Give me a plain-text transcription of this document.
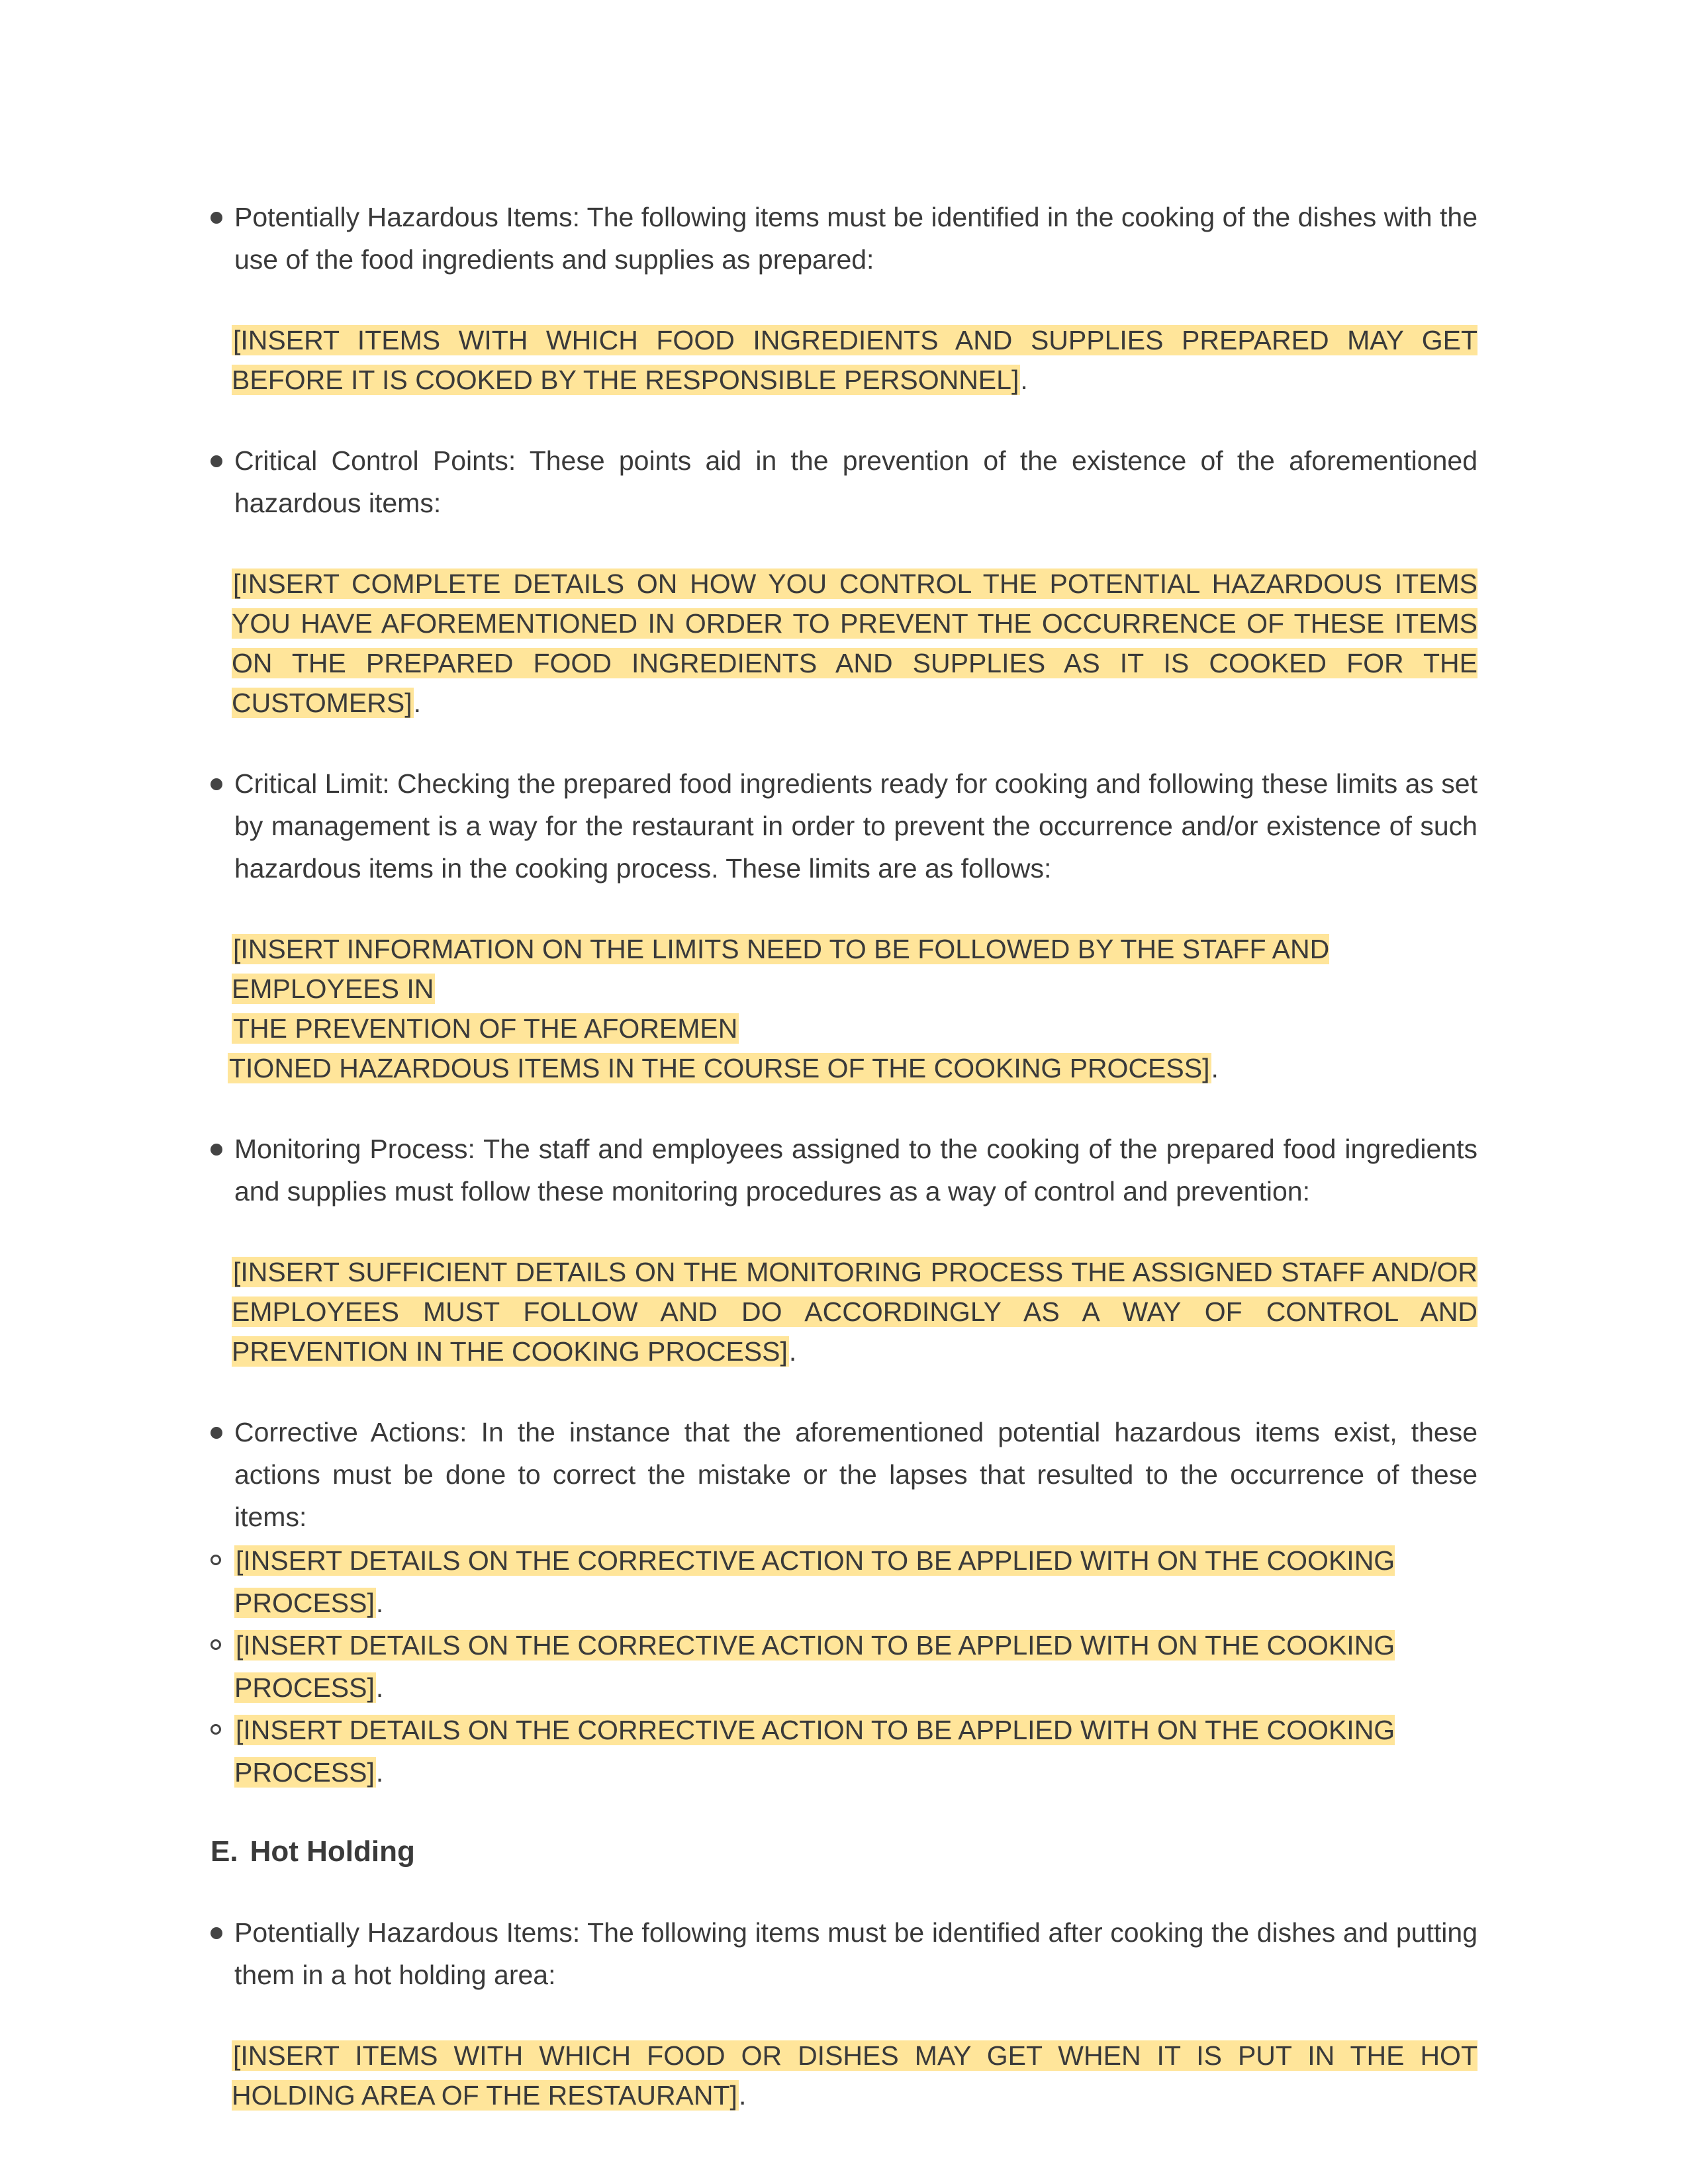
Potentially Hazardous Items: The following items must be identified in the cooking of the dishes with the use of the food ingredients and supplies as prepared:

[INSERT ITEMS WITH WHICH FOOD INGREDIENTS AND SUPPLIES PREPARED MAY GET BEFORE IT IS COOKED BY THE RESPONSIBLE PERSONNEL].

Critical Control Points: These points aid in the prevention of the existence of the aforementioned hazardous items:

[INSERT COMPLETE DETAILS ON HOW YOU CONTROL THE POTENTIAL HAZARDOUS ITEMS YOU HAVE AFOREMENTIONED IN ORDER TO PREVENT THE OCCURRENCE OF THESE ITEMS ON THE PREPARED FOOD INGREDIENTS AND SUPPLIES AS IT IS COOKED FOR THE CUSTOMERS].

Critical Limit: Checking the prepared food ingredients ready for cooking and following these limits as set by management is a way for the restaurant in order to prevent the occurrence and/or existence of such hazardous items in the cooking process. These limits are as follows:

[INSERT INFORMATION ON THE LIMITS NEED TO BE FOLLOWED BY THE STAFF AND EMPLOYEES IN
THE PREVENTION OF THE AFOREMEN
TIONED HAZARDOUS ITEMS IN THE COURSE OF THE COOKING PROCESS].

Monitoring Process: The staff and employees assigned to the cooking of the prepared food ingredients and supplies must follow these monitoring procedures as a way of control and prevention:

[INSERT SUFFICIENT DETAILS ON THE MONITORING PROCESS THE ASSIGNED STAFF AND/OR EMPLOYEES MUST FOLLOW AND DO ACCORDINGLY AS A WAY OF CONTROL AND PREVENTION IN THE COOKING PROCESS].

Corrective Actions: In the instance that the aforementioned potential hazardous items exist, these actions must be done to correct the mistake or the lapses that resulted to the occurrence of these items:

[INSERT DETAILS ON THE CORRECTIVE ACTION TO BE APPLIED WITH ON THE COOKING PROCESS].
[INSERT DETAILS ON THE CORRECTIVE ACTION TO BE APPLIED WITH ON THE COOKING PROCESS].
[INSERT DETAILS ON THE CORRECTIVE ACTION TO BE APPLIED WITH ON THE COOKING PROCESS].
E. Hot Holding

Potentially Hazardous Items: The following items must be identified after cooking the dishes and putting them in a hot holding area:

[INSERT ITEMS WITH WHICH FOOD OR DISHES MAY GET WHEN IT IS PUT IN THE HOT HOLDING AREA OF THE RESTAURANT].
